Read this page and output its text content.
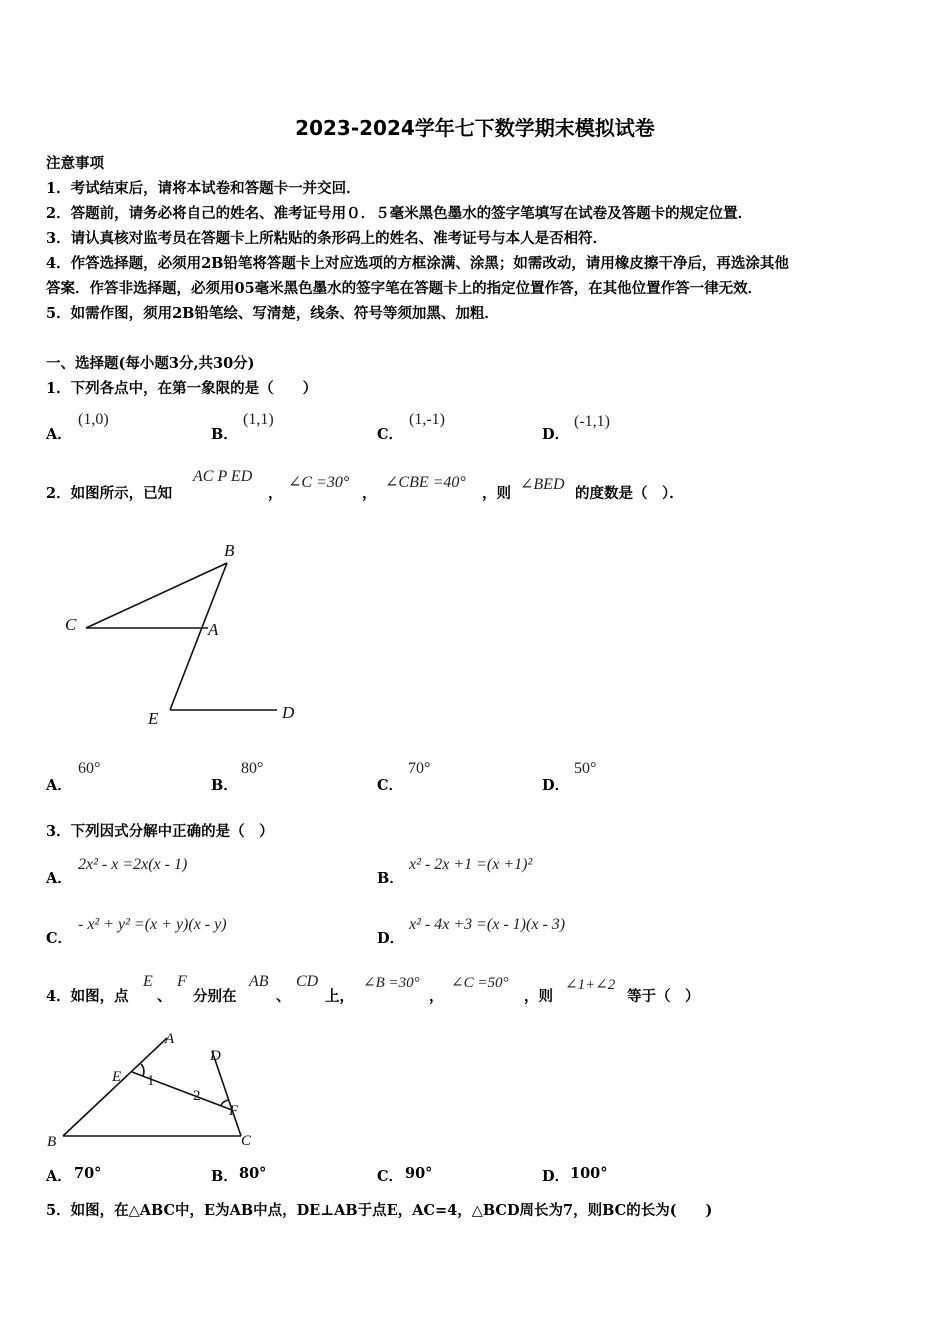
2023-2024学年七下数学期末模拟试卷
注意事项
1．考试结束后，请将本试卷和答题卡一并交回．
2．答题前，请务必将自己的姓名、准考证号用０．５毫米黑色墨水的签字笔填写在试卷及答题卡的规定位置．
3．请认真核对监考员在答题卡上所粘贴的条形码上的姓名、准考证号与本人是否相符．
4．作答选择题，必须用2B铅笔将答题卡上对应选项的方框涂满、涂黑；如需改动，请用橡皮擦干净后，再选涂其他
答案．作答非选择题，必须用05毫米黑色墨水的签字笔在答题卡上的指定位置作答，在其他位置作答一律无效．
5．如需作图，须用2B铅笔绘、写清楚，线条、符号等须加黑、加粗．
一、选择题(每小题3分,共30分)
1．下列各点中，在第一象限的是（　　）
A．
(1,0)
B．
(1,1)
C．
(1,‐1)
D．
(‐1,1)
2．如图所示，已知
AC P ED
，
∠C =30°
，
∠CBE =40°
，则
∠BED
的度数是（　）．
B
C	A
E	D
A．
60°
B．
80°
C．
70°
D．
50°
3．下列因式分解中正确的是（　）
A．
2x² ‐ x =2x(x ‐ 1)
B．
x² ‐ 2x +1 =(x +1)²
C．
‐ x² + y² =(x + y)(x ‐ y)
D．
x² ‐ 4x +3 =(x ‐ 1)(x ‐ 3)
4．如图，点
E
、
F
分别在
AB
、
CD
上，
∠B =30°
，
∠C =50°
，则
∠1+∠2
等于（　）
A
D
E 1
2
F
B	C
A． 70°	B． 80°	C． 90°	D． 100°
5．如图，在△ABC中，E为AB中点，DE⊥AB于点E，AC=4，△BCD周长为7，则BC的长为(　　)
